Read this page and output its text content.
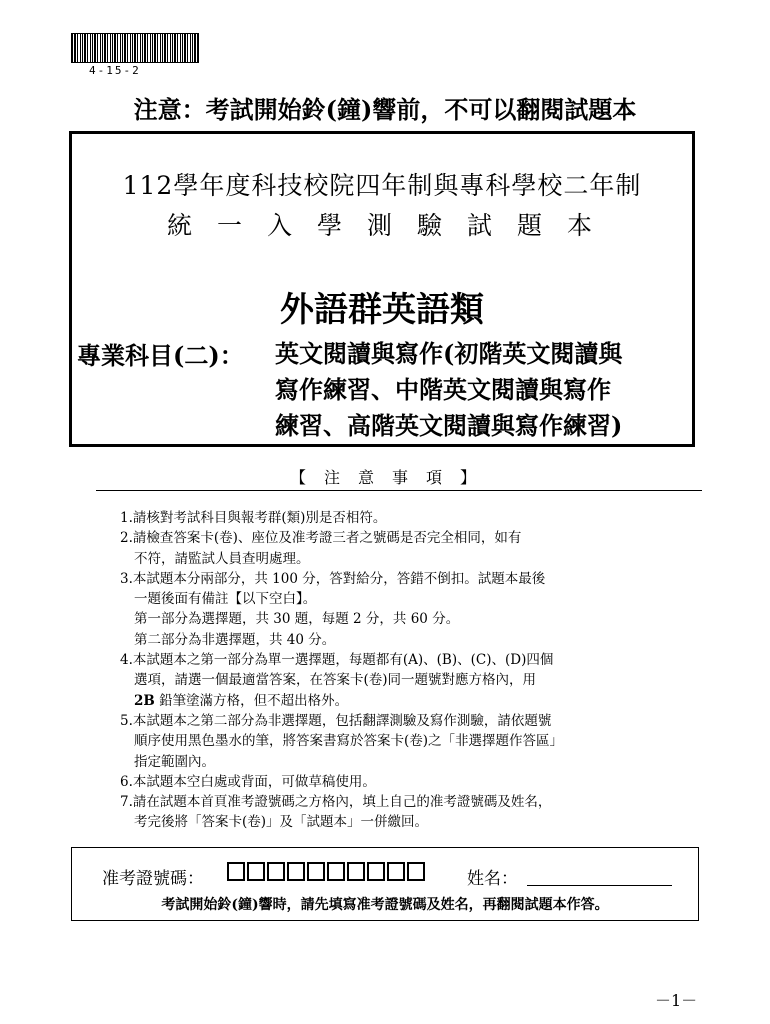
4-15-2
注意：考試開始鈴(鐘)響前，不可以翻閱試題本
112學年度科技校院四年制與專科學校二年制
統一入學測驗試題本
外語群英語類
專業科目(二)： 英文閱讀與寫作(初階英文閱讀與
寫作練習、中階英文閱讀與寫作
練習、高階英文閱讀與寫作練習)
【注意事項】
1.請核對考試科目與報考群(類)別是否相符。
2.請檢查答案卡(卷)、座位及准考證三者之號碼是否完全相同，如有
不符，請監試人員查明處理。
3.本試題本分兩部分，共 100 分，答對給分，答錯不倒扣。試題本最後
一題後面有備註【以下空白】。
第一部分為選擇題，共 30 題，每題 2 分，共 60 分。
第二部分為非選擇題，共 40 分。
4.本試題本之第一部分為單一選擇題，每題都有(A)、(B)、(C)、(D)四個
選項，請選一個最適當答案，在答案卡(卷)同一題號對應方格內，用
2B 鉛筆塗滿方格，但不超出格外。
5.本試題本之第二部分為非選擇題，包括翻譯測驗及寫作測驗，請依題號
順序使用黑色墨水的筆，將答案書寫於答案卡(卷)之「非選擇題作答區」
指定範圍內。
6.本試題本空白處或背面，可做草稿使用。
7.請在試題本首頁准考證號碼之方格內，填上自己的准考證號碼及姓名，
考完後將「答案卡(卷)」及「試題本」一併繳回。
准考證號碼：	姓名：
考試開始鈴(鐘)響時，請先填寫准考證號碼及姓名，再翻閱試題本作答。
－1－
